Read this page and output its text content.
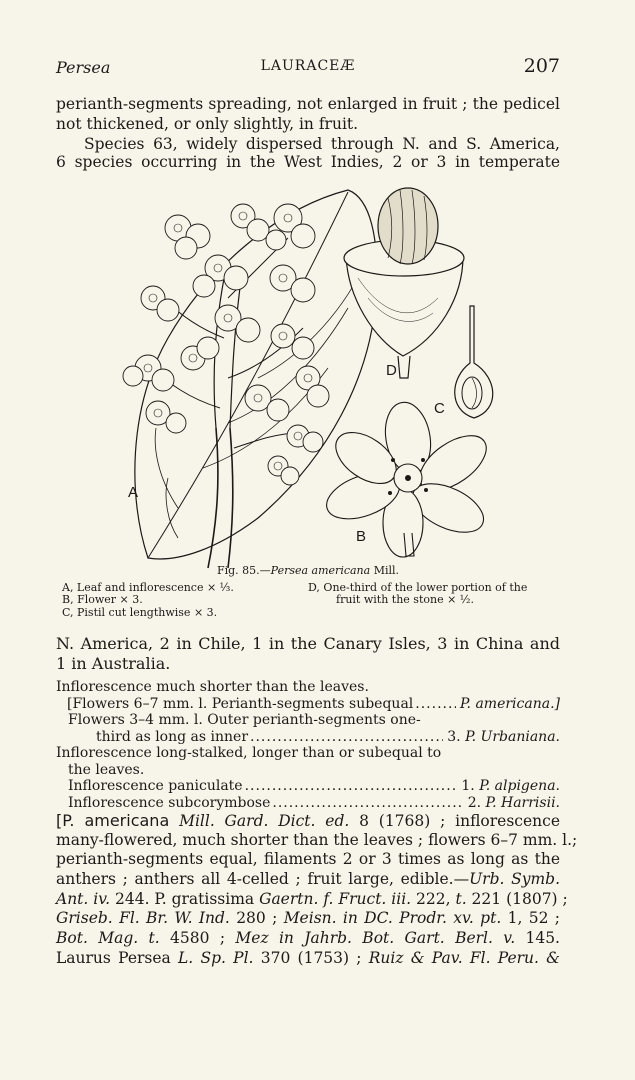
Persea	LAURACEÆ	207
perianth-segments spreading, not enlarged in fruit ; the pedicel
not thickened, or only slightly, in fruit.
Species 63, widely dispersed through N. and S. America,
6 species occurring in the West Indies, 2 or 3 in temperate
A
B
C
D
Fig. 85.—Persea americana Mill.
A, Leaf and inflorescence × ⅓.	D, One-third of the lower portion of the
B, Flower × 3.	fruit with the stone × ½.
C, Pistil cut lengthwise × 3.
N. America, 2 in Chile, 1 in the Canary Isles, 3 in China and
1 in Australia.
Inflorescence much shorter than the leaves.
[Flowers 6–7 mm. l. Perianth-segments subequal .....	P. americana.]
Flowers 3–4 mm. l. Outer perianth-segments one-
third as long as inner .....	3. P. Urbaniana.
Inflorescence long-stalked, longer than or subequal to
the leaves.
Inflorescence paniculate .....	1. P. alpigena.
Inflorescence subcorymbose .....	2. P. Harrisii.
[P. americana Mill. Gard. Dict. ed. 8 (1768) ; inflorescence
many-flowered, much shorter than the leaves ; flowers 6–7 mm. l.;
perianth-segments equal, filaments 2 or 3 times as long as the
anthers ; anthers all 4-celled ; fruit large, edible.—Urb. Symb.
Ant. iv. 244. P. gratissima Gaertn. f. Fruct. iii. 222, t. 221 (1807) ;
Griseb. Fl. Br. W. Ind. 280 ; Meisn. in DC. Prodr. xv. pt. 1, 52 ;
Bot. Mag. t. 4580 ; Mez in Jahrb. Bot. Gart. Berl. v. 145.
Laurus Persea L. Sp. Pl. 370 (1753) ; Ruiz & Pav. Fl. Peru. &
